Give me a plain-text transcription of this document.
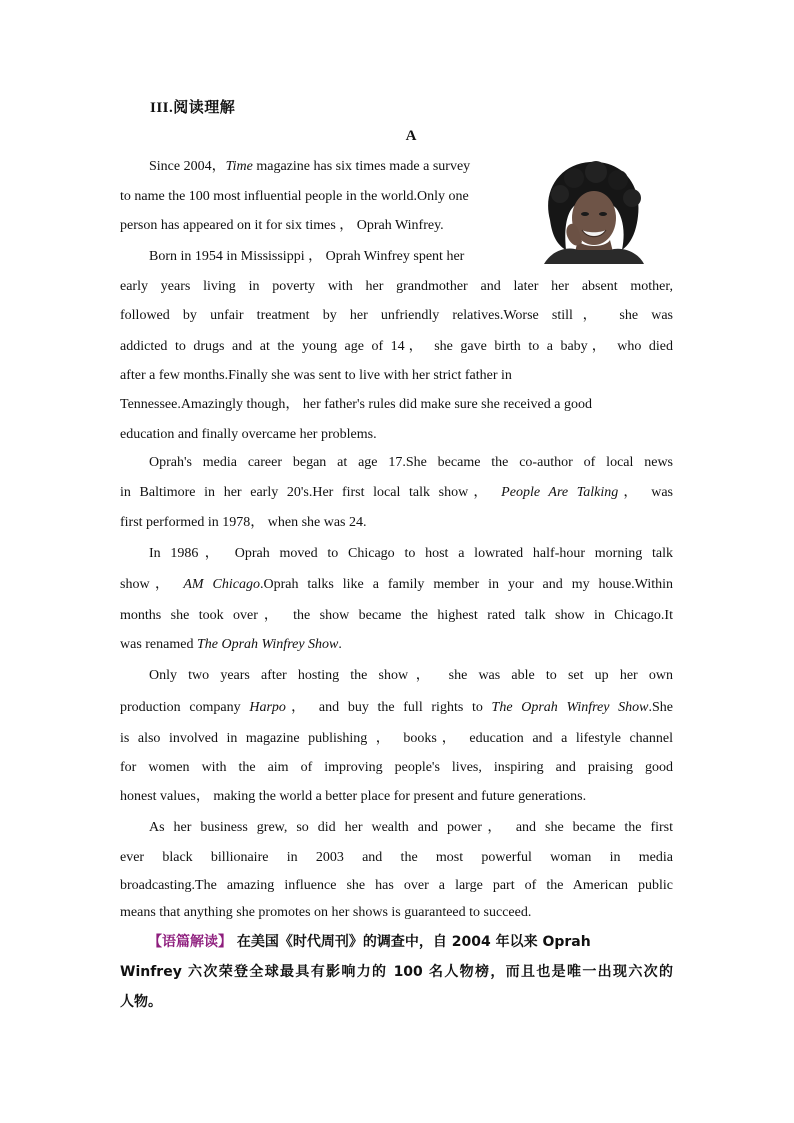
III.阅读理解
A
Since 2004，Time magazine has six times made a survey
to name the 100 most influential people in the world.Only one
person has appeared on it for six times ， Oprah Winfrey.
Born in 1954 in Mississippi ， Oprah Winfrey spent her
early years living in poverty with her grandmother and later her absent mother,
followed by unfair treatment by her unfriendly relatives.Worse still， she was
addicted to drugs and at the young age of 14， she gave birth to a baby， who died
after a few months.Finally she was sent to live with her strict father in
Tennessee.Amazingly though， her father's rules did make sure she received a good
education and finally overcame her problems.
Oprah's media career began at age 17.She became the co-author of local news
in Baltimore in her early 20's.Her first local talk show， People Are Talking， was
first performed in 1978， when she was 24.
In 1986， Oprah moved to Chicago to host a lowrated half-hour morning talk
show， AM Chicago.Oprah talks like a family member in your and my house.Within
months she took over， the show became the highest rated talk show in Chicago.It
was renamed The Oprah Winfrey Show.
Only two years after hosting the show， she was able to set up her own
production company Harpo， and buy the full rights to The Oprah Winfrey Show.She
is also involved in magazine publishing ， books， education and a lifestyle channel
for women with the aim of improving people's lives, inspiring and praising good
honest values， making the world a better place for present and future generations.
As her business grew, so did her wealth and power， and she became the first
ever black billionaire in 2003 and the most powerful woman in media
broadcasting.The amazing influence she has over a large part of the American public
means that anything she promotes on her shows is guaranteed to succeed.
【语篇解读】 在美国《时代周刊》的调查中，自 2004 年以来 Oprah
Winfrey 六次荣登全球最具有影响力的 100 名人物榜，而且也是唯一出现六次的
人物。
